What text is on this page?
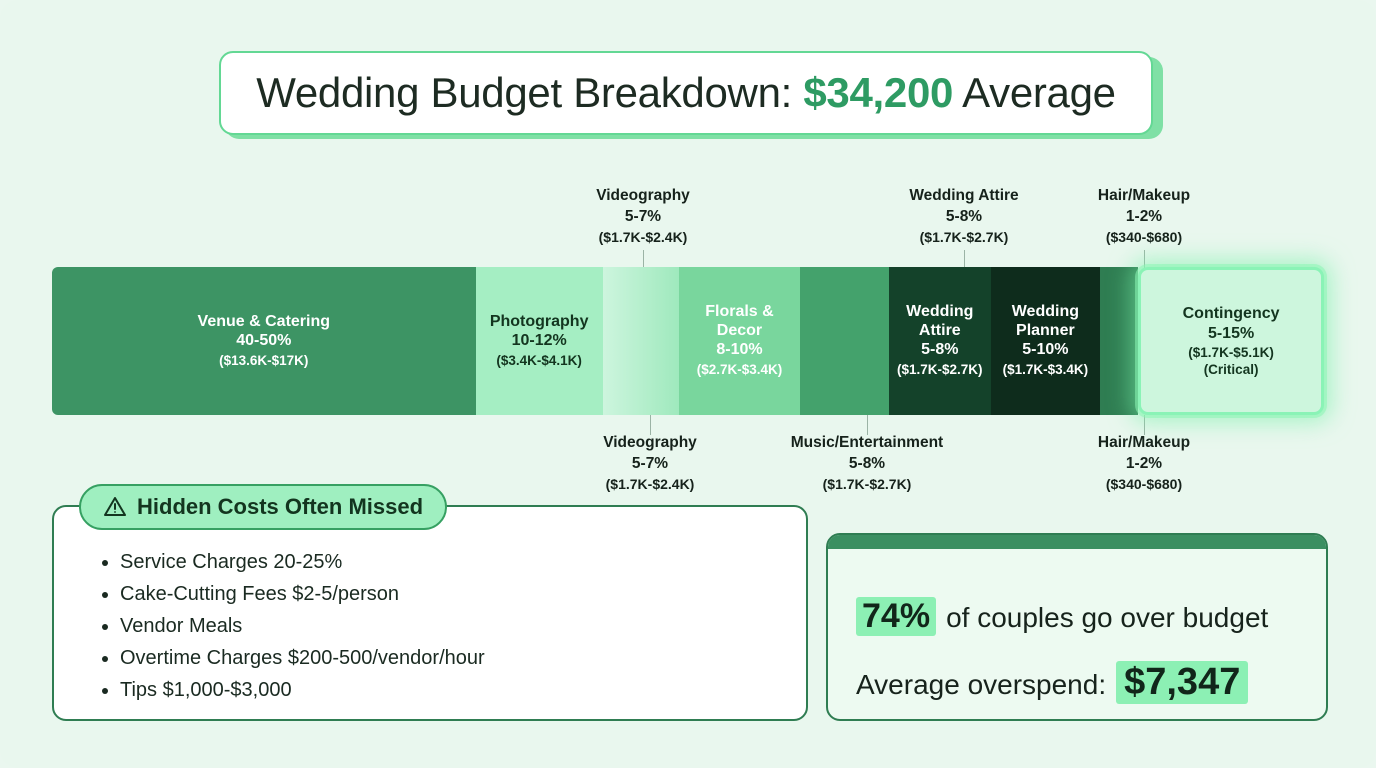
Wedding Budget Breakdown: $34,200 Average
Videography
5-7%
($1.7K-$2.4K)
Wedding Attire
5-8%
($1.7K-$2.7K)
Hair/Makeup
1-2%
($340-$680)
Venue & Catering
40-50%
($13.6K-$17K)
Photography
10-12%
($3.4K-$4.1K)
Florals & Decor
8-10%
($2.7K-$3.4K)
Wedding Attire
5-8%
($1.7K-$2.7K)
Wedding Planner
5-10%
($1.7K-$3.4K)
Contingency
5-15%
($1.7K-$5.1K)
(Critical)
Videography
5-7%
($1.7K-$2.4K)
Music/Entertainment
5-8%
($1.7K-$2.7K)
Hair/Makeup
1-2%
($340-$680)
Hidden Costs Often Missed
• Service Charges 20-25%
• Cake-Cutting Fees $2-5/person
• Vendor Meals
• Overtime Charges $200-500/vendor/hour
• Tips $1,000-$3,000
74% of couples go over budget
Average overspend: $7,347
